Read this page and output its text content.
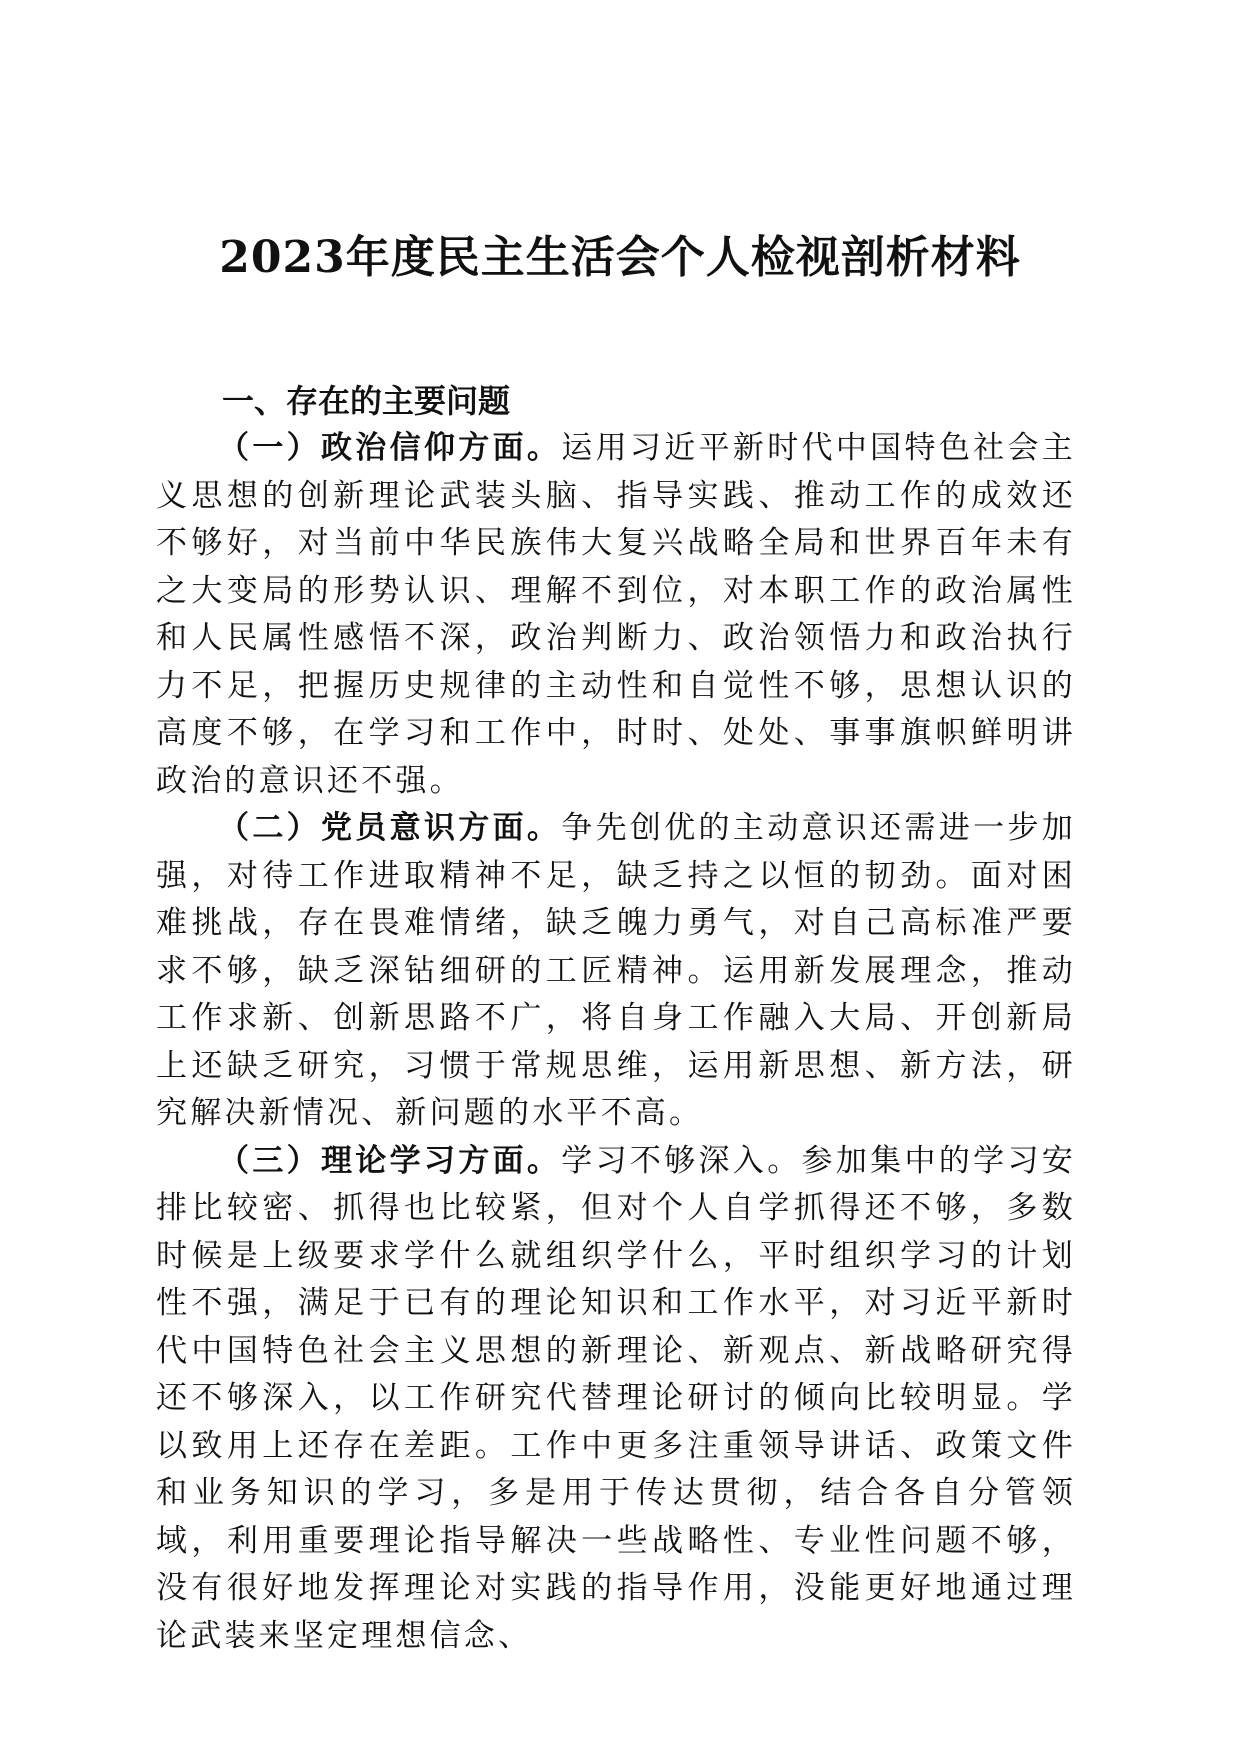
2023年度民主生活会个人检视剖析材料
一、存在的主要问题

（一）政治信仰方面。运用习近平新时代中国特色社会主义思想的创新理论武装头脑、指导实践、推动工作的成效还不够好，对当前中华民族伟大复兴战略全局和世界百年未有之大变局的形势认识、理解不到位，对本职工作的政治属性和人民属性感悟不深，政治判断力、政治领悟力和政治执行力不足，把握历史规律的主动性和自觉性不够，思想认识的高度不够，在学习和工作中，时时、处处、事事旗帜鲜明讲政治的意识还不强。

（二）党员意识方面。争先创优的主动意识还需进一步加强，对待工作进取精神不足，缺乏持之以恒的韧劲。面对困难挑战，存在畏难情绪，缺乏魄力勇气，对自己高标准严要求不够，缺乏深钻细研的工匠精神。运用新发展理念，推动工作求新、创新思路不广，将自身工作融入大局、开创新局上还缺乏研究，习惯于常规思维，运用新思想、新方法，研究解决新情况、新问题的水平不高。

（三）理论学习方面。学习不够深入。参加集中的学习安排比较密、抓得也比较紧，但对个人自学抓得还不够，多数时候是上级要求学什么就组织学什么，平时组织学习的计划性不强，满足于已有的理论知识和工作水平，对习近平新时代中国特色社会主义思想的新理论、新观点、新战略研究得还不够深入，以工作研究代替理论研讨的倾向比较明显。学以致用上还存在差距。工作中更多注重领导讲话、政策文件和业务知识的学习，多是用于传达贯彻，结合各自分管领域，利用重要理论指导解决一些战略性、专业性问题不够，没有很好地发挥理论对实践的指导作用，没能更好地通过理论武装来坚定理想信念、
